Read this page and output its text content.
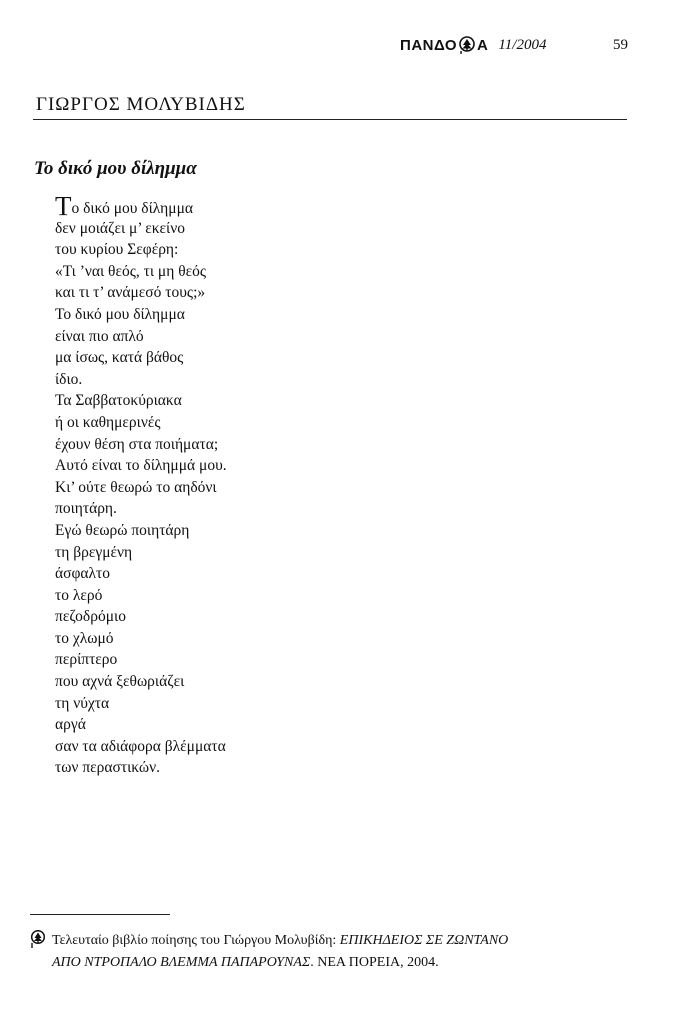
ΠΑΝΔΟ Α 11/2004	59
ΓΙΩΡΓΟΣ ΜΟΛΥΒΙΔΗΣ
Το δικό μου δίλημμα
Το δικό μου δίλημμα
δεν μοιάζει μ’ εκείνο
του κυρίου Σεφέρη:
«Τι ’ναι θεός, τι μη θεός
και τι τ’ ανάμεσό τους;»
Το δικό μου δίλημμα
είναι πιο απλό
μα ίσως, κατά βάθος
ίδιο.
Τα Σαββατοκύριακα
ή οι καθημερινές
έχουν θέση στα ποιήματα;
Αυτό είναι το δίλημμά μου.
Κι’ ούτε θεωρώ το αηδόνι
ποιητάρη.
Εγώ θεωρώ ποιητάρη
τη βρεγμένη
άσφαλτο
το λερό
πεζοδρόμιο
το χλωμό
περίπτερο
που αχνά ξεθωριάζει
τη νύχτα
αργά
σαν τα αδιάφορα βλέμματα
των περαστικών.
Τελευταίο βιβλίο ποίησης του Γιώργου Μολυβίδη: ΕΠΙΚΗΔΕΙΟΣ ΣΕ ΖΩΝΤΑΝΟ
ΑΠΟ ΝΤΡΟΠΑΛΟ ΒΛΕΜΜΑ ΠΑΠΑΡΟΥΝΑΣ. ΝΕΑ ΠΟΡΕΙΑ, 2004.
